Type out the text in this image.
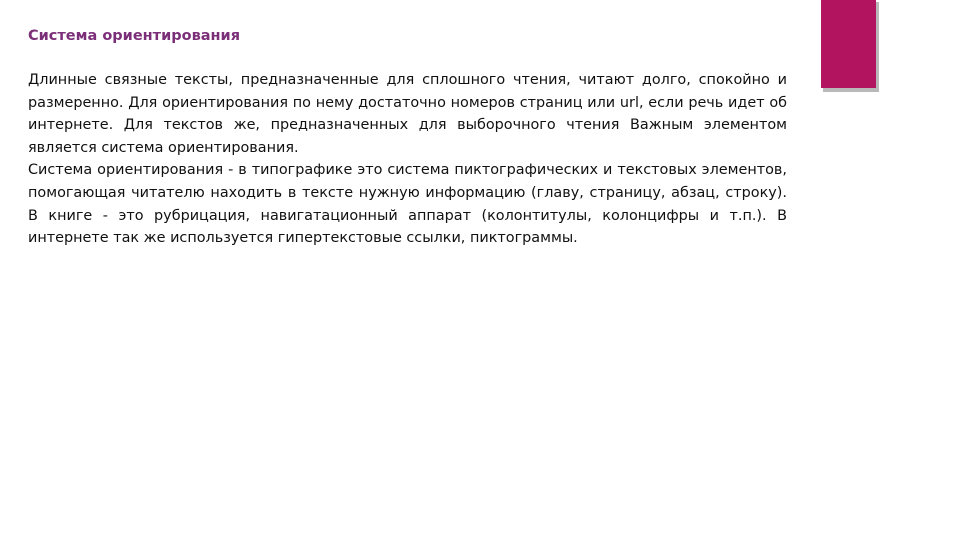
Система ориентирования

Длинные связные тексты, предназначенные для сплошного чтения, читают долго, спокойно и размеренно. Для ориентирования по нему достаточно номеров страниц или url, если речь идет об интернете. Для текстов же, предназначенных для выборочного чтения Важным элементом является система ориентирования.

Система ориентирования - в типографике это система пиктографических и текстовых элементов, помогающая читателю находить в тексте нужную информацию (главу, страницу, абзац, строку). В книге - это рубрицация, навигатационный аппарат (колонтитулы, колонцифры и т.п.). В интернете так же используется гипертекстовые ссылки, пиктограммы.
